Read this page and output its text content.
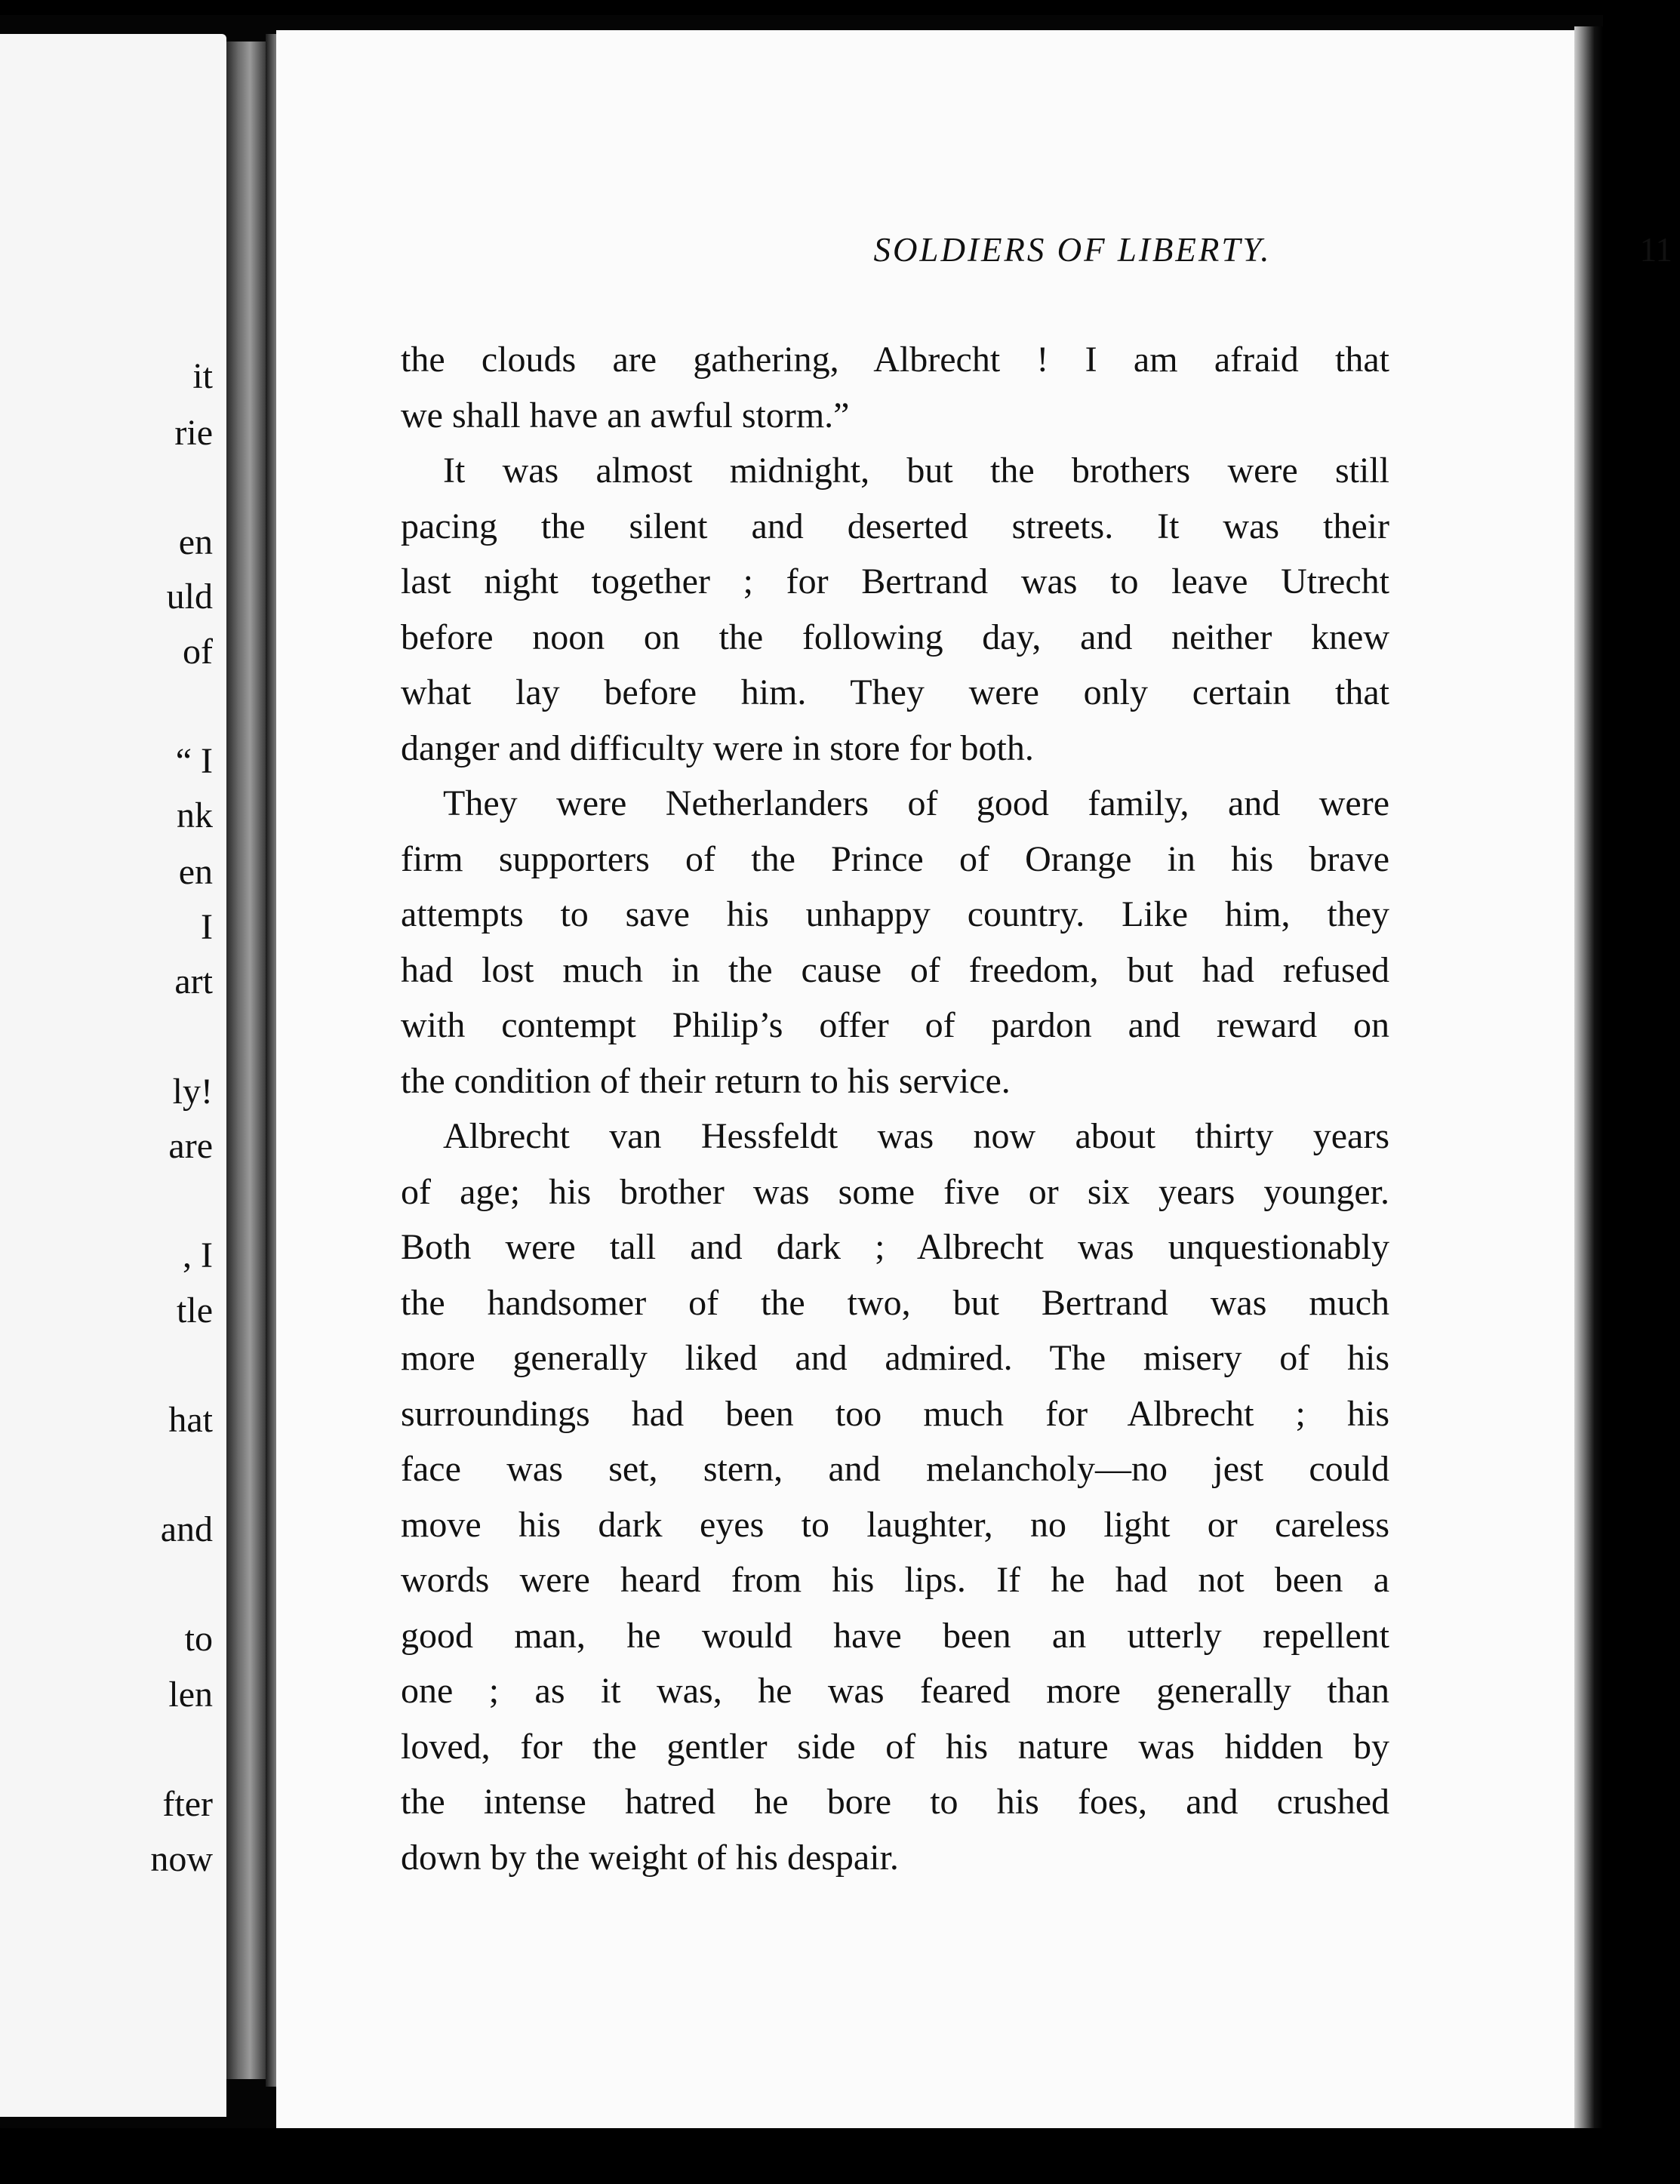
it
rie
en
uld
of
“ I
nk
en
I
art
ly!
are
, I
tle
hat
and
to
len
fter
now
SOLDIERS OF LIBERTY.	11
the clouds are gathering, Albrecht ! I am afraid that
we shall have an awful storm.”
It was almost midnight, but the brothers were still
pacing the silent and deserted streets. It was their
last night together ; for Bertrand was to leave Utrecht
before noon on the following day, and neither knew
what lay before him. They were only certain that
danger and difficulty were in store for both.
They were Netherlanders of good family, and were
firm supporters of the Prince of Orange in his brave
attempts to save his unhappy country. Like him, they
had lost much in the cause of freedom, but had refused
with contempt Philip’s offer of pardon and reward on
the condition of their return to his service.
Albrecht van Hessfeldt was now about thirty years
of age; his brother was some five or six years younger.
Both were tall and dark ; Albrecht was unquestionably
the handsomer of the two, but Bertrand was much
more generally liked and admired. The misery of his
surroundings had been too much for Albrecht ; his
face was set, stern, and melancholy—no jest could
move his dark eyes to laughter, no light or careless
words were heard from his lips. If he had not been a
good man, he would have been an utterly repellent
one ; as it was, he was feared more generally than
loved, for the gentler side of his nature was hidden by
the intense hatred he bore to his foes, and crushed
down by the weight of his despair.
